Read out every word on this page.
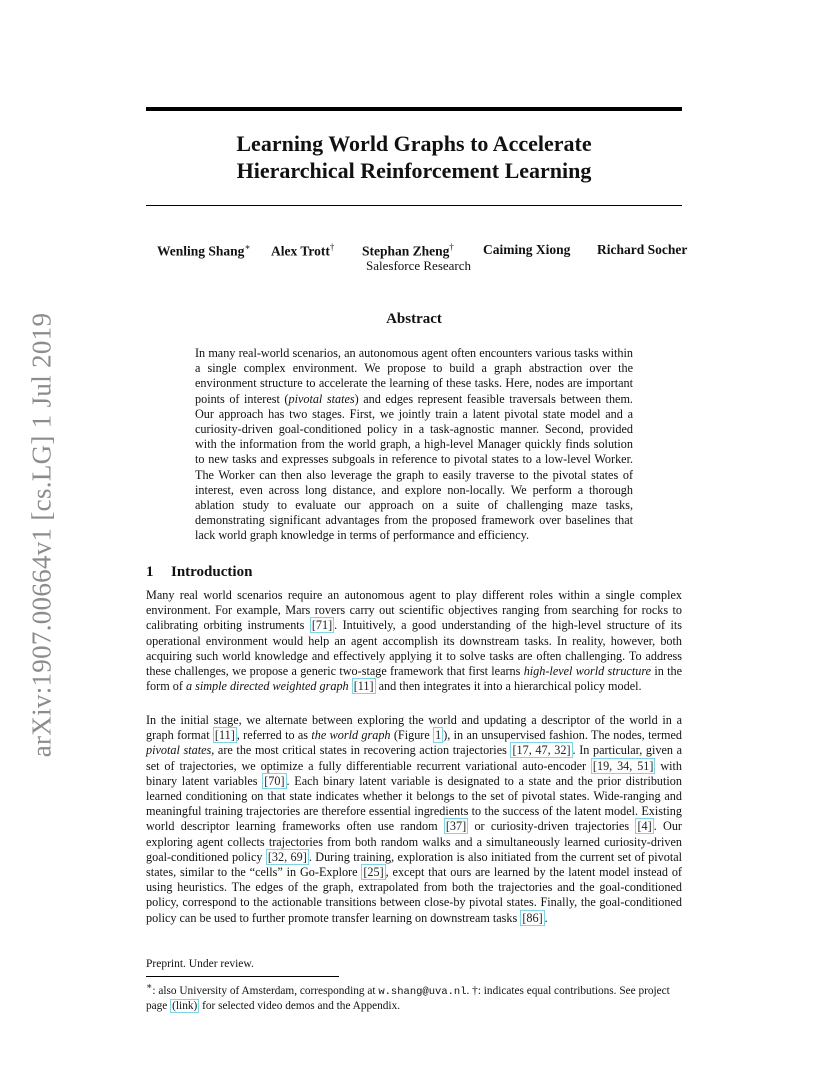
arXiv:1907.00664v1 [cs.LG] 1 Jul 2019
Learning World Graphs to Accelerate
Hierarchical Reinforcement Learning
Wenling Shang∗ Alex Trott† Stephan Zheng† Caiming Xiong Richard Socher
Salesforce Research
Abstract
In many real-world scenarios, an autonomous agent often encounters various tasks within a single complex environment. We propose to build a graph abstraction over the environment structure to accelerate the learning of these tasks. Here, nodes are important points of interest (pivotal states) and edges represent feasible traversals between them. Our approach has two stages. First, we jointly train a latent pivotal state model and a curiosity-driven goal-conditioned policy in a task-agnostic manner. Second, provided with the information from the world graph, a high-level Manager quickly finds solution to new tasks and expresses subgoals in reference to pivotal states to a low-level Worker. The Worker can then also leverage the graph to easily traverse to the pivotal states of interest, even across long distance, and explore non-locally. We perform a thorough ablation study to evaluate our approach on a suite of challenging maze tasks, demonstrating significant advantages from the proposed framework over baselines that lack world graph knowledge in terms of performance and efficiency.
1 Introduction

Many real world scenarios require an autonomous agent to play different roles within a single complex environment. For example, Mars rovers carry out scientific objectives ranging from searching for rocks to calibrating orbiting instruments [71] . Intuitively, a good understanding of the high-level structure of its operational environment would help an agent accomplish its downstream tasks. In reality, however, both acquiring such world knowledge and effectively applying it to solve tasks are often challenging. To address these challenges, we propose a generic two-stage framework that first learns high-level world structure in the form of a simple directed weighted graph [11] and then integrates it into a hierarchical policy model.

In the initial stage, we alternate between exploring the world and updating a descriptor of the world in a graph format [11] , referred to as the world graph (Figure 1 ), in an unsupervised fashion. The nodes, termed pivotal states, are the most critical states in recovering action trajectories [17, 47, 32] . In particular, given a set of trajectories, we optimize a fully differentiable recurrent variational auto-encoder [19, 34, 51] with binary latent variables [70] . Each binary latent variable is designated to a state and the prior distribution learned conditioning on that state indicates whether it belongs to the set of pivotal states. Wide-ranging and meaningful training trajectories are therefore essential ingredients to the success of the latent model. Existing world descriptor learning frameworks often use random [37] or curiosity-driven trajectories [4] . Our exploring agent collects trajectories from both random walks and a simultaneously learned curiosity-driven goal-conditioned policy [32, 69] . During training, exploration is also initiated from the current set of pivotal states, similar to the “cells” in Go-Explore [25] , except that ours are learned by the latent model instead of using heuristics. The edges of the graph, extrapolated from both the trajectories and the goal-conditioned policy, correspond to the actionable transitions between close-by pivotal states. Finally, the goal-conditioned policy can be used to further promote transfer learning on downstream tasks [86] .

Preprint. Under review.
∗: also University of Amsterdam, corresponding at w.shang@uva.nl. †: indicates equal contributions. See project page (link) for selected video demos and the Appendix.
